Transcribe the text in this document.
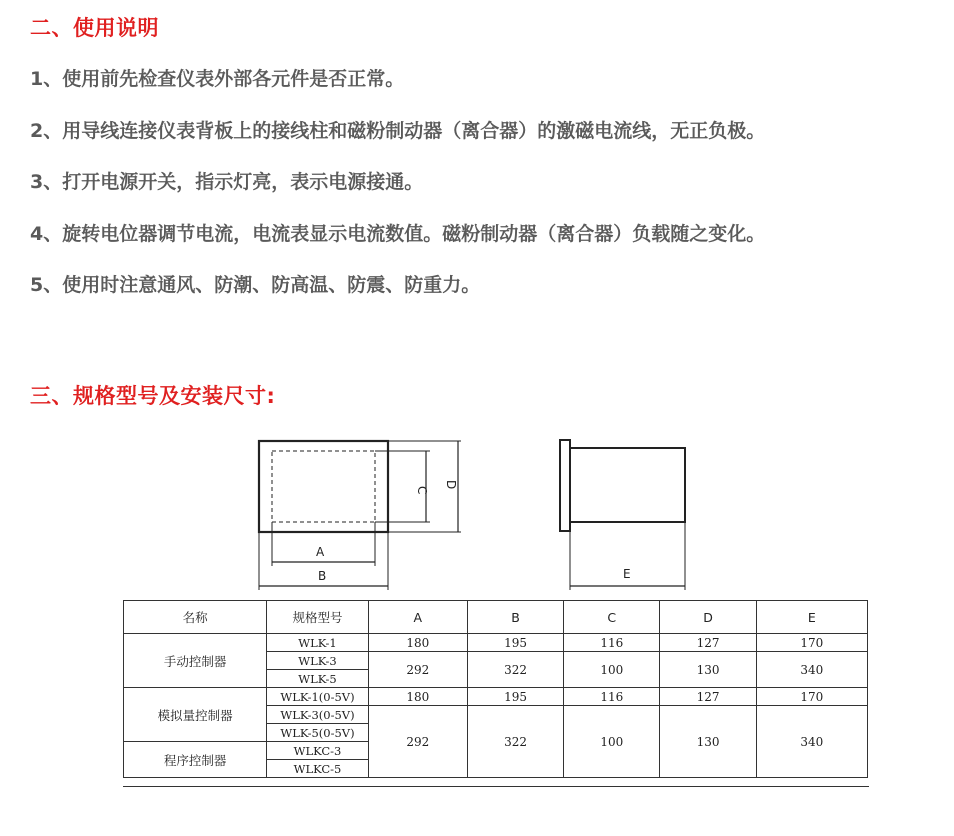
二、使用说明

1、使用前先检查仪表外部各元件是否正常。

2、用导线连接仪表背板上的接线柱和磁粉制动器（离合器）的激磁电流线，无正负极。

3、打开电源开关，指示灯亮，表示电源接通。

4、旋转电位器调节电流，电流表显示电流数值。磁粉制动器（离合器）负载随之变化。

5、使用时注意通风、防潮、防高温、防震、防重力。

三、规格型号及安装尺寸:
A
B
C
D
E
名称	规格型号	A	B	C	D	E
手动控制器	WLK-1	180	195	116	127	170
	WLK-3	292	322	100	130	340
	WLK-5					
模拟量控制器	WLK-1(0-5V)	180	195	116	127	170
	WLK-3(0-5V)	292	322	100	130	340
	WLK-5(0-5V)					
程序控制器	WLKC-3					
	WLKC-5					
